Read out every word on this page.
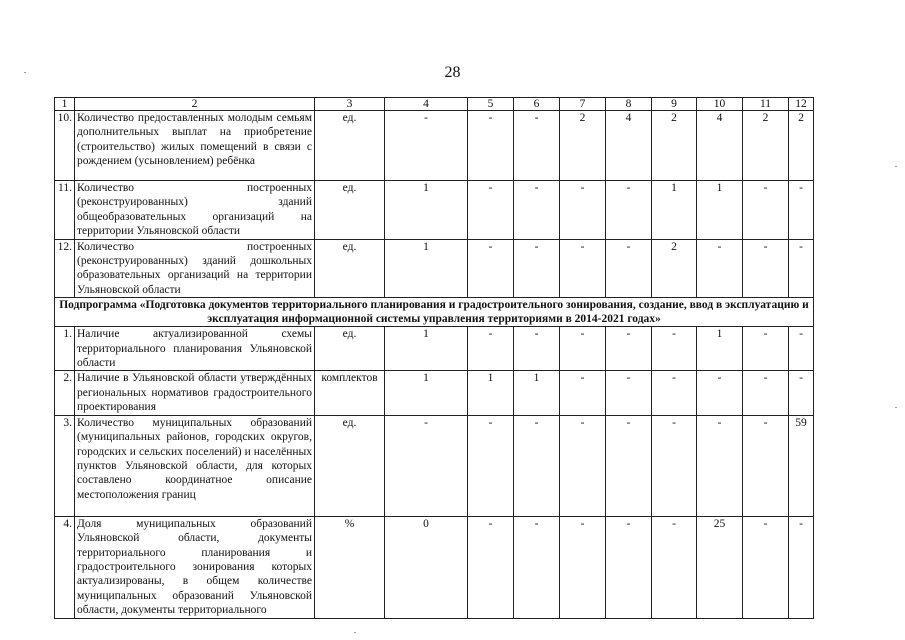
28
1	2	3	4	5	6	7	8	9	10	11	12
10.	Количество предоставленных молодым семьям дополнительных выплат на приобретение (строительство) жилых помещений в связи с рождением (усыновлением) ребёнка	ед.	-	-	-	2	4	2	4	2	2
11.	Количество построенных (реконструированных) зданий общеобразовательных организаций на территории Ульяновской области	ед.	1	-	-	-	-	1	1	-	-
12.	Количество построенных (реконструированных) зданий дошкольных образовательных организаций на территории Ульяновской области	ед.	1	-	-	-	-	2	-	-	-
Подпрограмма «Подготовка документов территориального планирования и градостроительного зонирования, создание, ввод в эксплуатацию и эксплуатация информационной системы управления территориями в 2014-2021 годах»											
1.	Наличие актуализированной схемы территориального планирования Ульяновской области	ед.	1	-	-	-	-	-	1	-	-
2.	Наличие в Ульяновской области утверждённых региональных нормативов градостроительного проектирования	комплектов	1	1	1	-	-	-	-	-	-
3.	Количество муниципальных образований (муниципальных районов, городских округов, городских и сельских поселений) и населённых пунктов Ульяновской области, для которых составлено координатное описание местоположения границ	ед.	-	-	-	-	-	-	-	-	59
4.	Доля муниципальных образований Ульяновской области, документы территориального планирования и градостроительного зонирования которых актуализированы, в общем количестве муниципальных образований Ульяновской области, документы территориального	%	0	-	-	-	-	-	25	-	-
